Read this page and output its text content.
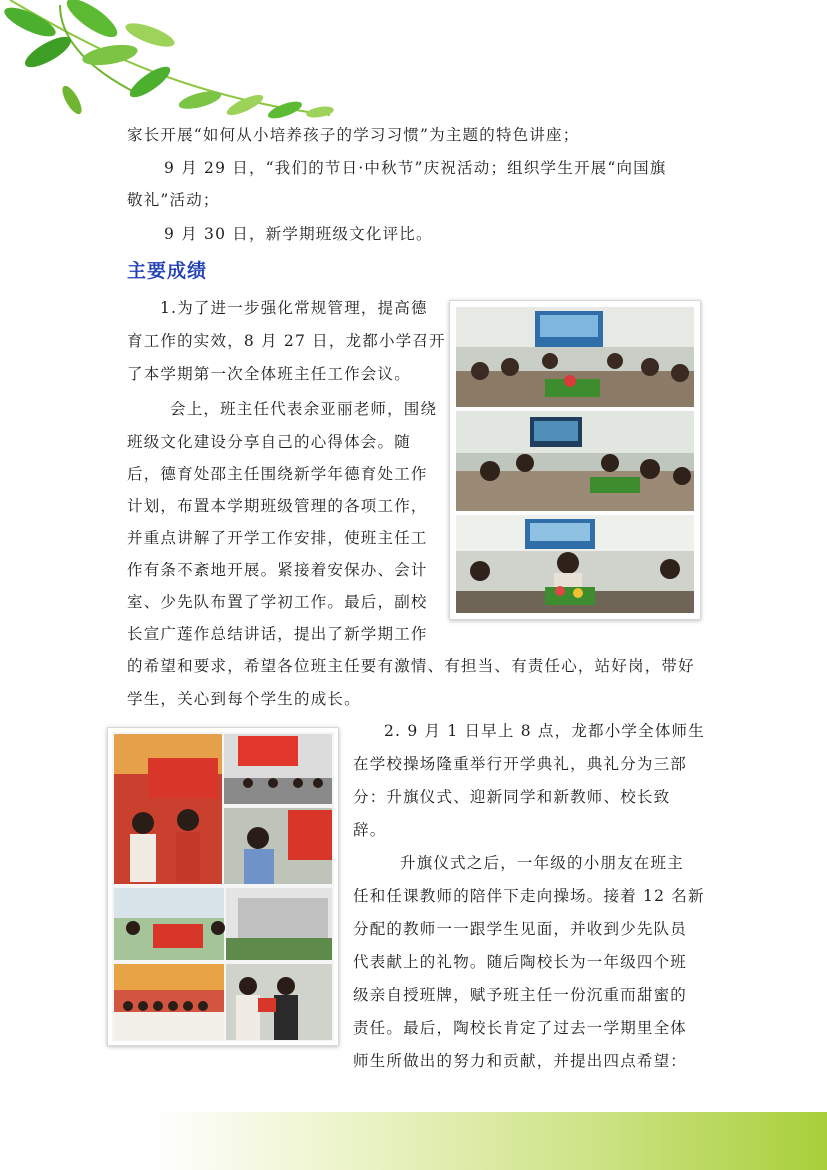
家长开展“如何从小培养孩子的学习习惯”为主题的特色讲座；

9 月 29 日，“我们的节日·中秋节”庆祝活动；组织学生开展“向国旗

敬礼”活动；

9 月 30 日，新学期班级文化评比。

主要成绩

1.为了进一步强化常规管理，提高德

育工作的实效，8 月 27 日，龙都小学召开

了本学期第一次全体班主任工作会议。

会上，班主任代表余亚丽老师，围绕

班级文化建设分享自己的心得体会。随

后，德育处邵主任围绕新学年德育处工作

计划，布置本学期班级管理的各项工作，

并重点讲解了开学工作安排，使班主任工

作有条不紊地开展。紧接着安保办、会计

室、少先队布置了学初工作。最后，副校

长宣广莲作总结讲话，提出了新学期工作

的希望和要求，希望各位班主任要有激情、有担当、有责任心，站好岗，带好

学生，关心到每个学生的成长。

2. 9 月 1 日早上 8 点，龙都小学全体师生

在学校操场隆重举行开学典礼，典礼分为三部

分：升旗仪式、迎新同学和新教师、校长致

辞。

升旗仪式之后，一年级的小朋友在班主

任和任课教师的陪伴下走向操场。接着 12 名新

分配的教师一一跟学生见面，并收到少先队员

代表献上的礼物。随后陶校长为一年级四个班

级亲自授班牌，赋予班主任一份沉重而甜蜜的

责任。最后，陶校长肯定了过去一学期里全体

师生所做出的努力和贡献，并提出四点希望：
